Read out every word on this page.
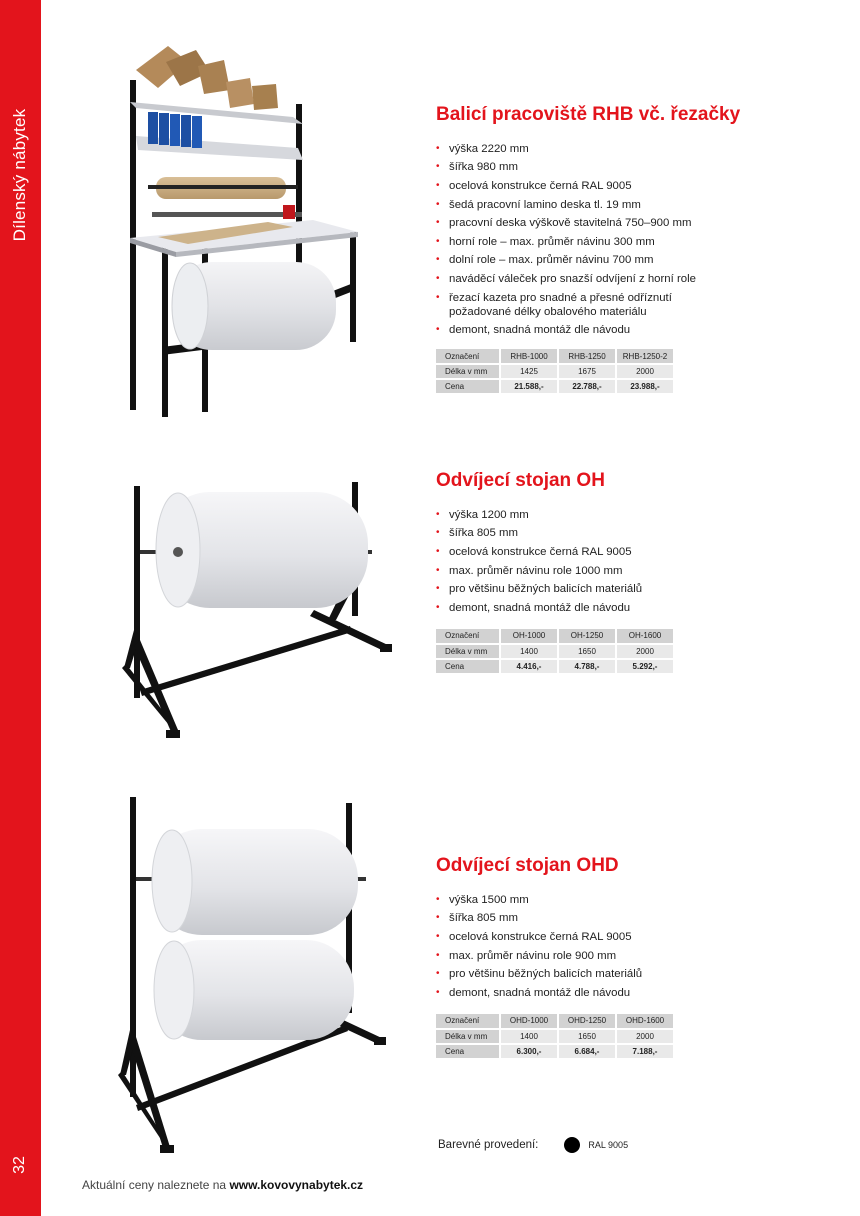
Dílenský nábytek
32
Balicí pracoviště RHB vč. řezačky
• výška 2220 mm
• šířka 980 mm
• ocelová konstrukce černá RAL 9005
• šedá pracovní lamino deska tl. 19 mm
• pracovní deska výškově stavitelná 750–900 mm
• horní role – max. průměr návinu 300 mm
• dolní role – max. průměr návinu 700 mm
• naváděcí váleček pro snazší odvíjení z horní role
• řezací kazeta pro snadné a přesné odříznutí požadované délky obalového materiálu
• demont, snadná montáž dle návodu
Označení	RHB-1000	RHB-1250	RHB-1250-2
Délka v mm	1425	1675	2000
Cena	21.588,-	22.788,-	23.988,-
Odvíjecí stojan OH
• výška 1200 mm
• šířka 805 mm
• ocelová konstrukce černá RAL 9005
• max. průměr návinu role 1000 mm
• pro většinu běžných balicích materiálů
• demont, snadná montáž dle návodu
Označení	OH-1000	OH-1250	OH-1600
Délka v mm	1400	1650	2000
Cena	4.416,-	4.788,-	5.292,-
Odvíjecí stojan OHD
• výška 1500 mm
• šířka 805 mm
• ocelová konstrukce černá RAL 9005
• max. průměr návinu role 900 mm
• pro většinu běžných balicích materiálů
• demont, snadná montáž dle návodu
Označení	OHD-1000	OHD-1250	OHD-1600
Délka v mm	1400	1650	2000
Cena	6.300,-	6.684,-	7.188,-
Barevné provedení:	RAL 9005
Aktuální ceny naleznete na www.kovovynabytek.cz
